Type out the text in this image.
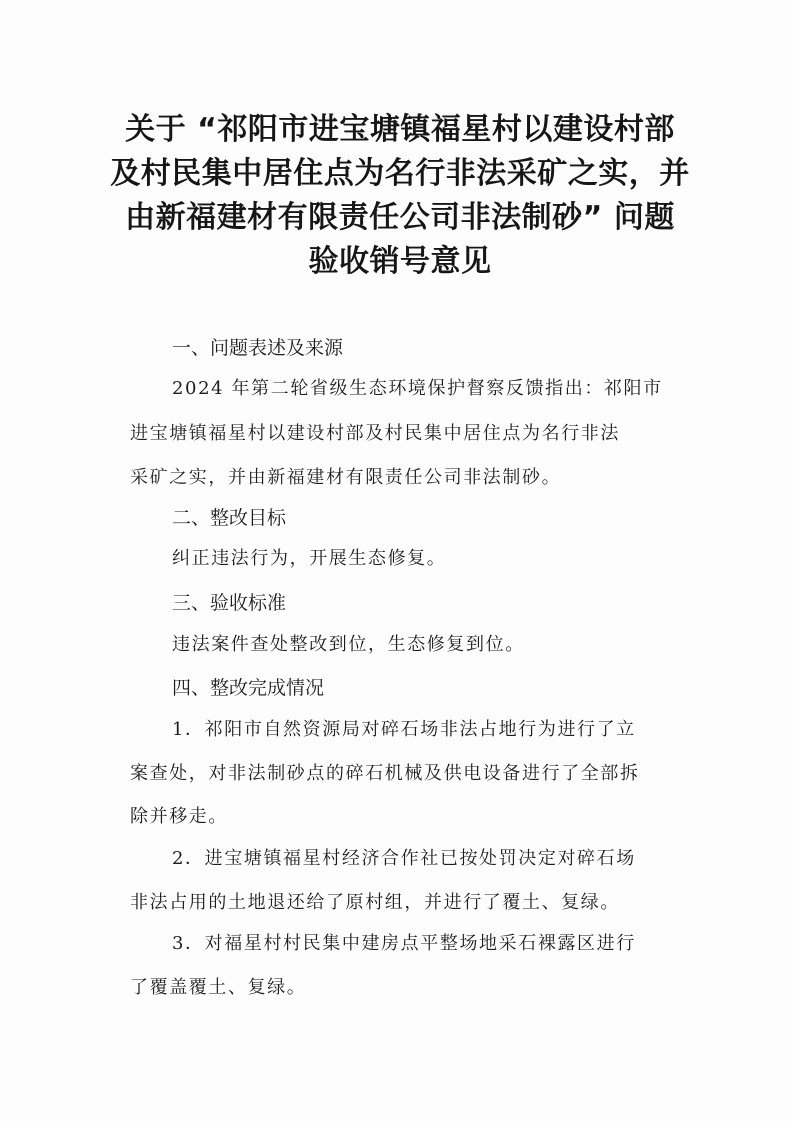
关于 “祁阳市进宝塘镇福星村以建设村部
及村民集中居住点为名行非法采矿之实，并
由新福建材有限责任公司非法制砂” 问题
验收销号意见
一、问题表述及来源
2024 年第二轮省级生态环境保护督察反馈指出：祁阳市
进宝塘镇福星村以建设村部及村民集中居住点为名行非法
采矿之实，并由新福建材有限责任公司非法制砂。
二、整改目标
纠正违法行为，开展生态修复。
三、验收标准
违法案件查处整改到位，生态修复到位。
四、整改完成情况
1．祁阳市自然资源局对碎石场非法占地行为进行了立
案查处，对非法制砂点的碎石机械及供电设备进行了全部拆
除并移走。
2．进宝塘镇福星村经济合作社已按处罚决定对碎石场
非法占用的土地退还给了原村组，并进行了覆土、复绿。
3．对福星村村民集中建房点平整场地采石裸露区进行
了覆盖覆土、复绿。
